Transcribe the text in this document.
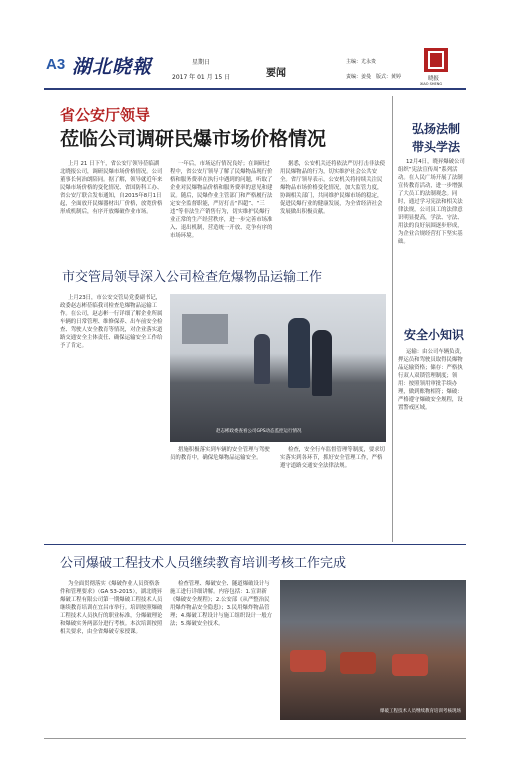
A3 湖北晓報	星期日
2017 年 01 月 15 日	要闻
主编：尤永贵
责编：姜曼　版式：黄婷	晓报
XIAO SHENG
省公安厅领导
莅临公司调研民爆市场价格情况

上月 21 日下午，省公安厅领导莅临湖北晓报公司，调研民爆市场价格情况。公司董事长何治朗陪同。据了解，领导就近年来民爆市场价格的变化情况、省国防科工办、省公安厅联合发布通知，自2015年8月1日起，全面放开民爆器材出厂价格，放宽价格形成机制后，有序开放爆破作业市场。

一年后，市场运行情况良好；在调研过程中，省公安厅领导了解了民爆物品现行价格和服务费率在执行中遇到的问题，听取了企业对民爆物品价格和服务费率的意见和建议。随后，民爆作业主管部门和严格履行法定安全监督职能，严厉打击“四超”、“三违”等非法生产销售行为，切实维护民爆行业正常的生产经营秩序，进一步完善市场准入、退出机制，营造统一开放、竞争有序的市场环境。

据悉，公安机关还将依法严厉打击非法使用民爆物品的行为，切实维护社会公共安全。省厅领导表示，公安机关将持续关注民爆物品市场价格变化情况，加大监管力度，协调相关部门，共同维护民爆市场的稳定，促进民爆行业的健康发展，为全省经济社会发展做出积极贡献。

弘扬法制
带头学法

12月4日，晓昇爆破公司组织“宪法宣传周”系列活动。在人民广场开展了法制宣传教育活动，进一步增强了大员工的法制观念。同时，通过学习宪法和相关法律法规，公司员工的法律意识明显提高，学法、守法、用法的良好氛围逐步形成，为企业合规经营打下坚实基础。

安全小知识

运输：由公司车辆负责，押运员和驾驶员取得民爆物品运输资格；储存：严格执行双人双锁管理制度；领用：按照领用审批手续办理，做到账物相符；爆破：严格遵守爆破安全规程，设置警戒区域。

市交管局领导深入公司检查危爆物品运输工作

上月23日，市公安交管局党委副书记，政委赵志彬莅临我司检查危爆物品运输工作。在公司，赵志彬一行详细了解企业所属车辆的日常管理、维修保养、出车前安全检查、驾驶人安全教育等情况，对企业落实道路交通安全主体责任、确保运输安全工作给予了肯定。

赵志彬政委查看公司GPS动态监控运行情况

措施积极落实到车辆的安全管理与驾驶员的教育中，确保危爆物品运输安全。

检查，安全行车监督管理等制度，要求切实落实到各环节，抓好安全管理工作，严格遵守道路交通安全法律法规。

公司爆破工程技术人员继续教育培训考核工作完成

为全面贯彻落实《爆破作业人员资格条件和管理要求》（GA 53-2015），湖北晓昇爆破工程有限公司第一期爆破工程技术人员继续教育培训在宜昌市举行。培训按照爆破工程技术人员执行的职业标准，分爆破理论和爆破实务两部分进行考核。本次培训按照相关要求，由全省爆破专家授课。

检查管理、爆破安全、隧道爆破设计与施工进行详细讲解。内容包括：1.宣讲新《爆破安全规程》；2.公安部《从严整治民用爆炸物品安全隐患》；3.民用爆炸物品管理；4.爆破工程设计与施工组织设计一般方法；5.爆破安全技术。

爆破工程技术人员继续教育培训考核现场
